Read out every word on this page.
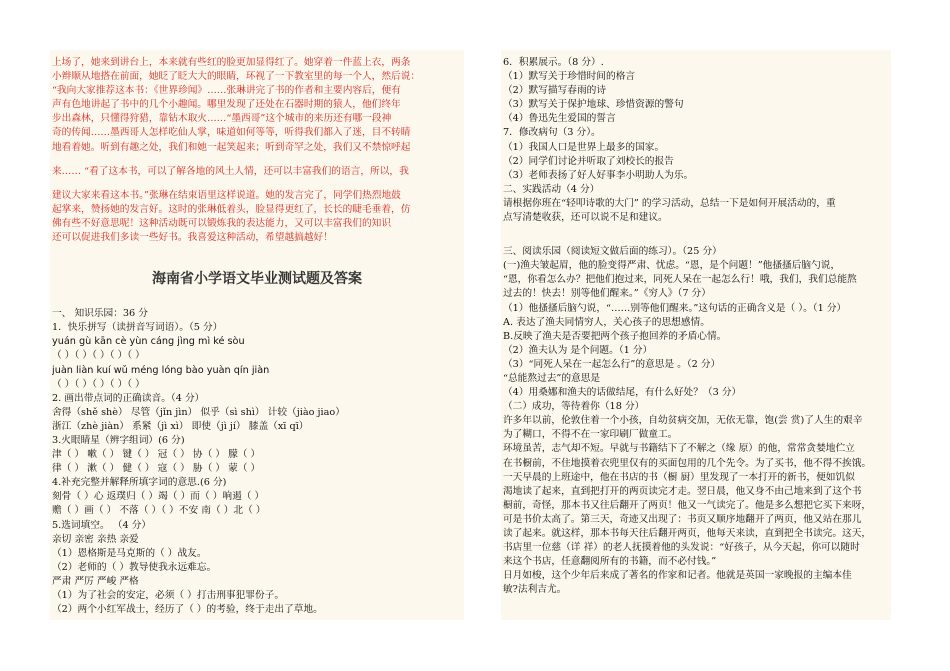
上场了，她来到讲台上，本来就有些红的脸更加显得红了。她穿着一件蓝上衣，两条
小辫顺从地搭在前面，她眨了眨大大的眼睛，环视了一下教室里的每一个人，然后说：
“我向大家推荐这本书：《世界珍闻》……张琳讲完了书的作者和主要内容后，便有
声有色地讲起了书中的几个小趣闻。哪里发现了还处在石器时期的猿人，他们终年
步出森林，只懂得狩猎，靠钻木取火……“墨西哥”这个城市的来历还有哪一段神
奇的传闻……墨西哥人怎样吃仙人掌，味道如何等等，听得我们都入了迷，目不转睛
地看着她。听到有趣之处，我们和她一起笑起来；听到奇罕之处，我们又不禁惊呼起
来…… “看了这本书，可以了解各地的风土人情，还可以丰富我们的语言，所以，我
建议大家来看这本书。”张琳在结束语里这样说道。她的发言完了，同学们热烈地鼓
起掌来，赞扬她的发言好。这时的张琳低着头，脸显得更红了，长长的睫毛垂着，仿
佛有些不好意思呢！这种活动既可以锻炼我的表达能力，又可以丰富我们的知识
还可以促进我们多读一些好书。我喜爱这种活动，希望越搞越好！
海南省小学语文毕业测试题及答案
一、 知识乐园：36 分
1．快乐拼写（读拼音写词语）。（5 分）
yuán gù kān cè yùn cáng jìng mì ké sòu
（ ）（ ）（ ）（ ）（ ）
juàn liàn kuí wǔ méng lóng bào yuàn qín jiàn
（ ）（ ）（ ）（ ）（ ）
2. 画出带点词的正确读音。（4 分）
舍得（shě shè） 尽管（jǐn jìn） 似乎（sì shì） 计较（jiào jiao）
浙江（zhè jiàn） 系紧（jì xì） 即使（jì jí） 膝盖（xī qī）
3.火眼睛星（辨字组词）(6 分)
津（ ） 嗽（ ） 键（ ） 冠（ ） 协（ ） 朦（ ）
律（ ） 漱（ ） 健（ ） 寇（ ） 胁（ ） 蒙（ ）
4.补充完整并解释所填字词的意思.(6 分)
刻骨（ ）心 返璞归（ ）竭（ ）而（ ）响遏（ ）
赡（ ）画（ ） 不落（ ）（ ）不安 南（ ）北（ ）
5.选词填空。 （4 分）
亲切 亲密 亲热 亲爱
（1）恩格斯是马克斯的（ ）战友。
（2）老师的（ ）教导使我永远难忘。
严肃 严厉 严峻 严格
（1）为了社会的安定，必须（ ）打击刑事犯罪份子。
（2）两个小红军战士，经历了（ ）的考验，终于走出了草地。
6．积累展示。（8 分）.
（1）默写关于珍惜时间的格言
（2）默写描写春雨的诗
（3）默写关于保护地球、珍惜资源的警句
（4）鲁迅先生爱国的誓言
7．修改病句（3 分）。
（1）我国人口是世界上最多的国家。
（2）同学们讨论并听取了刘校长的报告
（3）老师表扬了好人好事李小明助人为乐。
二、实践活动（4 分）
请根据你班在“轻叩诗歌的大门” 的学习活动，总结一下是如何开展活动的，重
点写清楚收获，还可以说不足和建议。
三、阅读乐园（阅读短文做后面的练习）。（25 分）
(一)渔夫皱起眉，他的脸变得严肃、忧虑。“恩，是个问题！”他搔搔后脑勺说，
“恩，你看怎么办？把他们抱过来，同死人呆在一起怎么行！哦，我们，我们总能熬
过去的！快去！别等他们醒来。”《穷人》（7 分）
（1）他搔搔后脑勺说，“……别等他们醒来。”这句话的正确含义是（ ）。（1 分）
A. 表达了渔夫同情穷人，关心孩子的思想感情。
B.反映了渔夫是否要把两个孩子抱回养的矛盾心情。
（2）渔夫认为 是个问题。（1 分）
（3）“同死人呆在一起怎么行”的意思是 。（2 分）
“总能熬过去”的意思是
（4）用桑娜和渔夫的话做结尾，有什么好处？（3 分）
（二）成功，等待着你（18 分）
许多年以前，伦敦住着一个小孩，自幼贫病交加，无依无靠，饱(尝 赏)了人生的艰辛
为了糊口，不得不在一家印刷厂做童工。
环境虽苦，志气却不短。早就与书籍结下了不解之（缘 原）的他，常常贪婪地伫立
在书橱前，不住地摸着衣兜里仅有的买面包用的几个先令。为了买书，他不得不挨饿。
一天早晨的上班途中，他在书店的书（橱 厨）里发现了一本打开的新书，便如饥似
渴地读了起来，直到把打开的两页读完才走。翌日晨，他又身不由己地来到了这个书
橱前，奇怪，那本书又往后翻开了两页！他又一气读完了。他是多么想把它买下来呀，
可是书价太高了。第三天，奇迹又出现了：书页又顺序地翻开了两页，他又站在那儿
读了起来。就这样，那本书每天往后翻开两页，他每天来读，直到把全书读完。这天，
书店里一位慈（详 祥）的老人抚摸着他的头发说：“好孩子，从今天起，你可以随时
来这个书店，任意翻阅所有的书籍，而不必付钱。”
日月如梭，这个少年后来成了著名的作家和记者。他就是英国一家晚报的主编本佳
敏?法利吉尤。
